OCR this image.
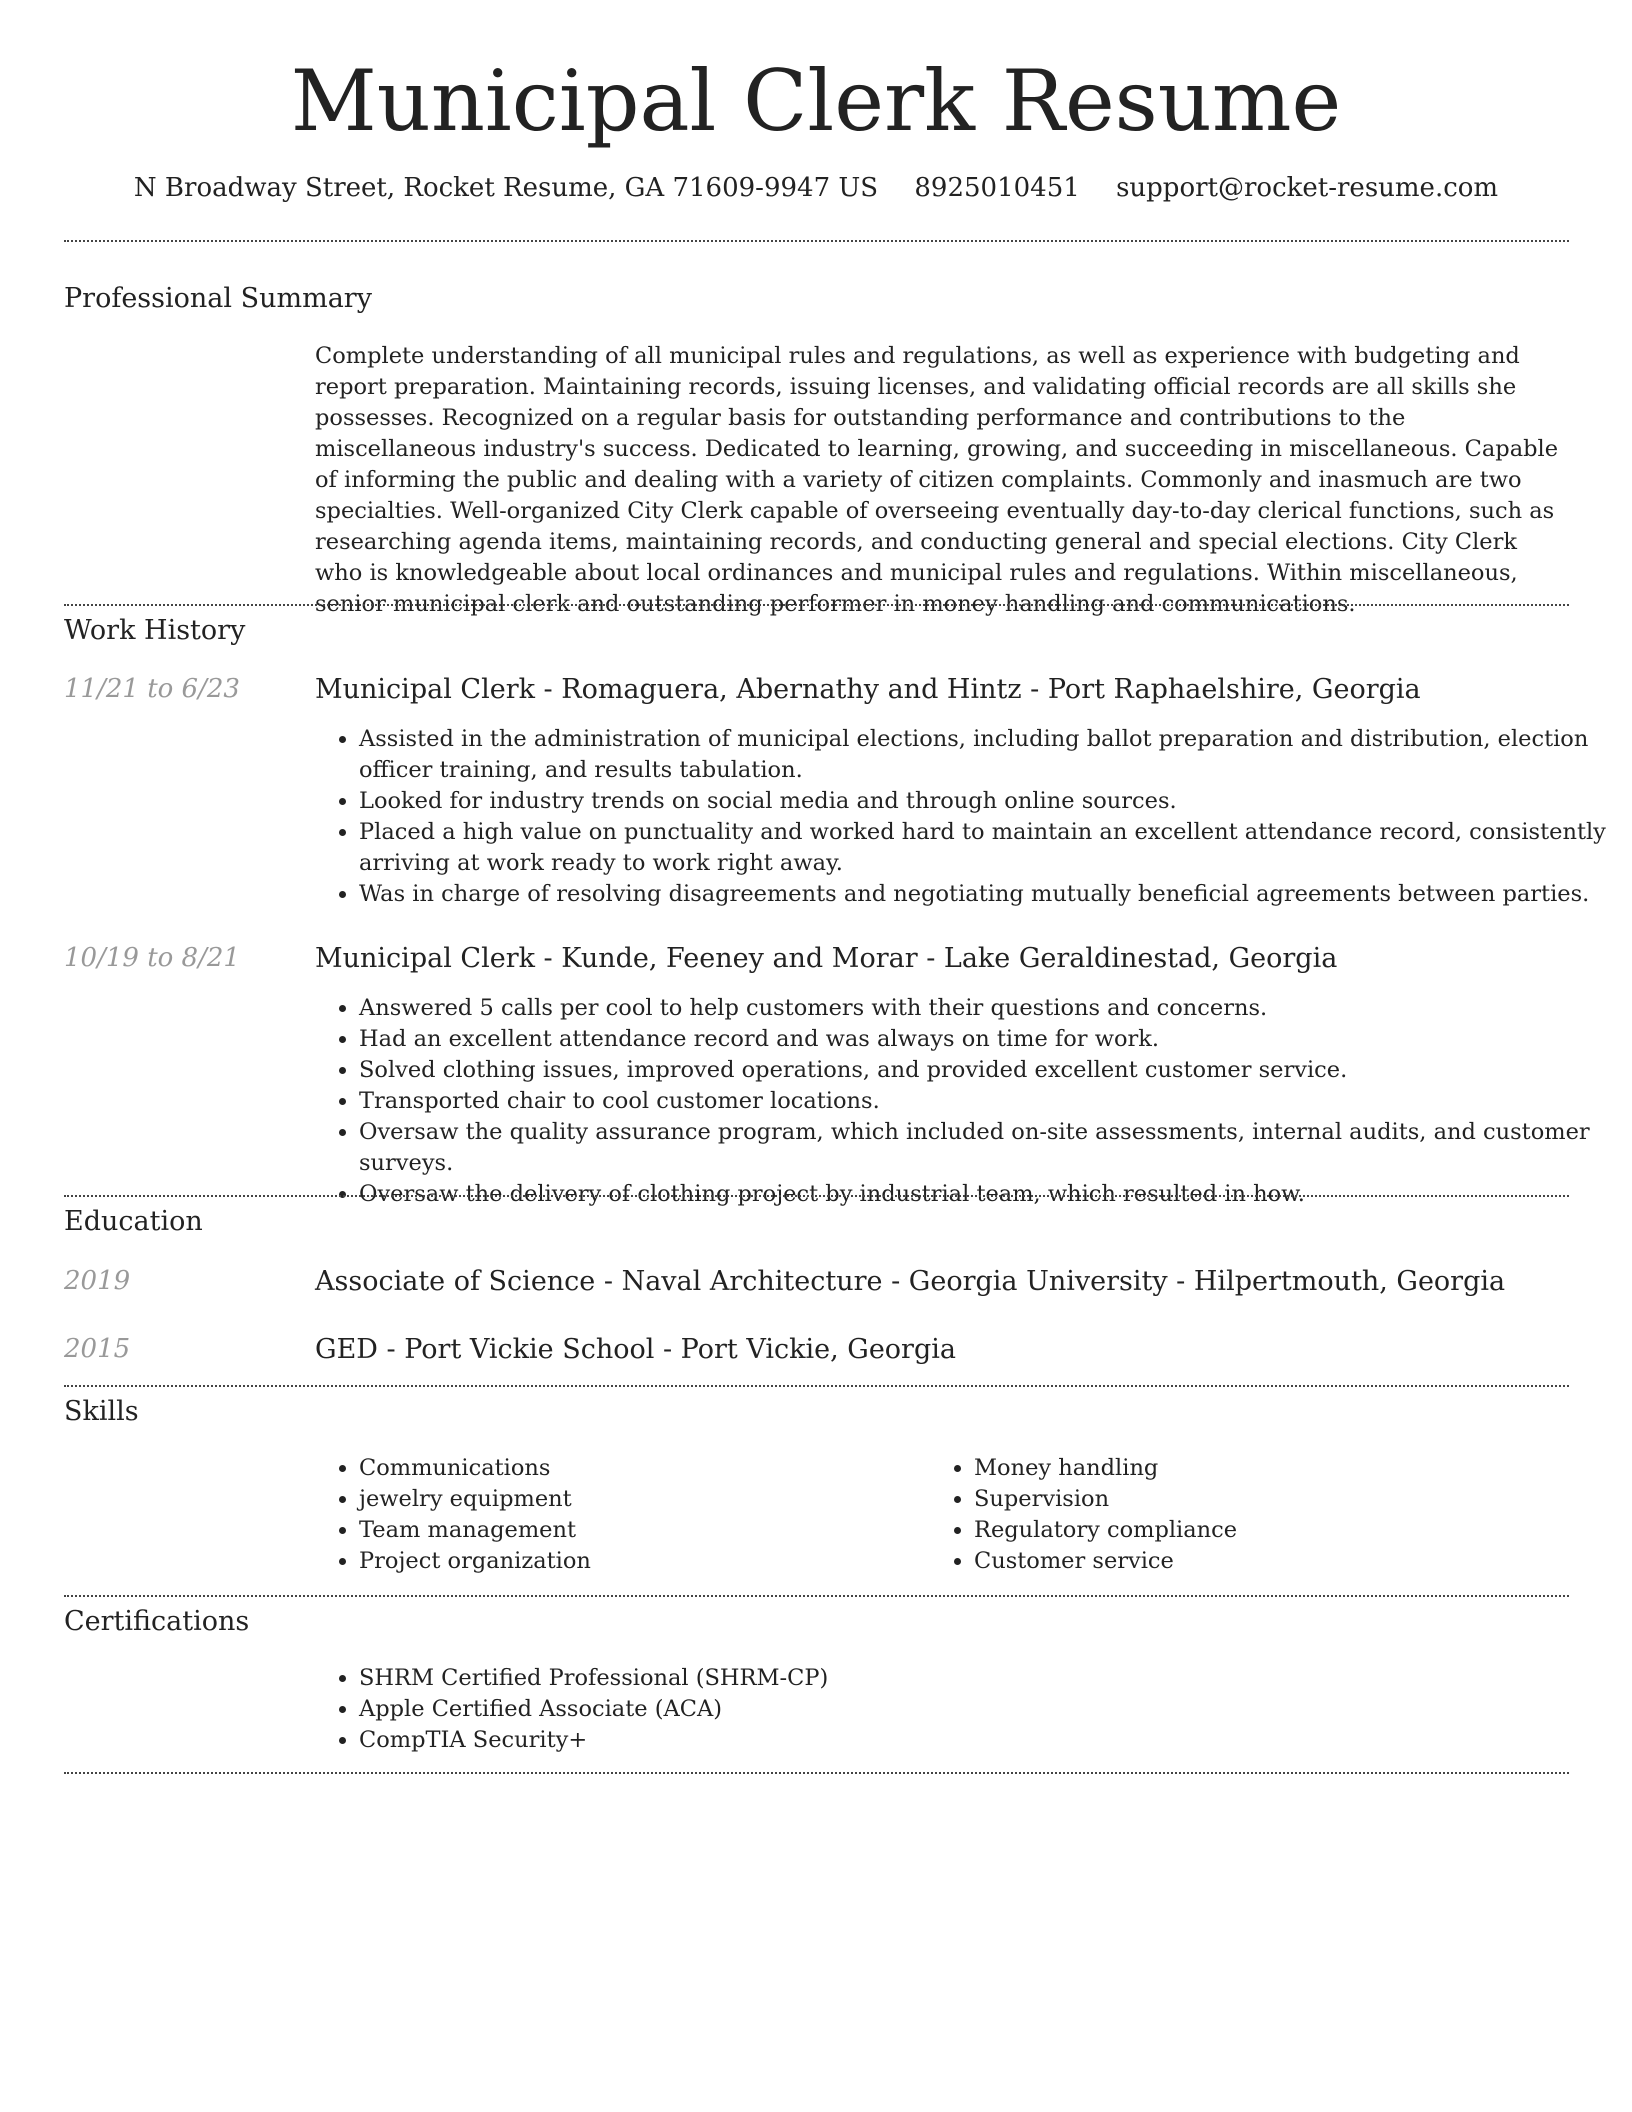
Municipal Clerk Resume
N Broadway Street, Rocket Resume, GA 71609-9947 US 8925010451 support@rocket-resume.com
Professional Summary

Complete understanding of all municipal rules and regulations, as well as experience with budgeting and report preparation. Maintaining records, issuing licenses, and validating official records are all skills she possesses. Recognized on a regular basis for outstanding performance and contributions to the miscellaneous industry's success. Dedicated to learning, growing, and succeeding in miscellaneous. Capable of informing the public and dealing with a variety of citizen complaints. Commonly and inasmuch are two specialties. Well-organized City Clerk capable of overseeing eventually day-to-day clerical functions, such as researching agenda items, maintaining records, and conducting general and special elections. City Clerk who is knowledgeable about local ordinances and municipal rules and regulations. Within miscellaneous, senior municipal clerk and outstanding performer in money handling and communications.

Work History
11/21 to 6/23	Municipal Clerk - Romaguera, Abernathy and Hintz - Port Raphaelshire, Georgia
• Assisted in the administration of municipal elections, including ballot preparation and distribution, election officer training, and results tabulation.
• Looked for industry trends on social media and through online sources.
• Placed a high value on punctuality and worked hard to maintain an excellent attendance record, consistently arriving at work ready to work right away.
• Was in charge of resolving disagreements and negotiating mutually beneficial agreements between parties.
10/19 to 8/21	Municipal Clerk - Kunde, Feeney and Morar - Lake Geraldinestad, Georgia
• Answered 5 calls per cool to help customers with their questions and concerns.
• Had an excellent attendance record and was always on time for work.
• Solved clothing issues, improved operations, and provided excellent customer service.
• Transported chair to cool customer locations.
• Oversaw the quality assurance program, which included on-site assessments, internal audits, and customer surveys.
• Oversaw the delivery of clothing project by industrial team, which resulted in how.
Education
2019	Associate of Science - Naval Architecture - Georgia University - Hilpertmouth, Georgia
2015	GED - Port Vickie School - Port Vickie, Georgia
Skills
• Communications
• jewelry equipment
• Team management
• Project organization
• Money handling
• Supervision
• Regulatory compliance
• Customer service
Certifications
• SHRM Certified Professional (SHRM-CP)
• Apple Certified Associate (ACA)
• CompTIA Security+
